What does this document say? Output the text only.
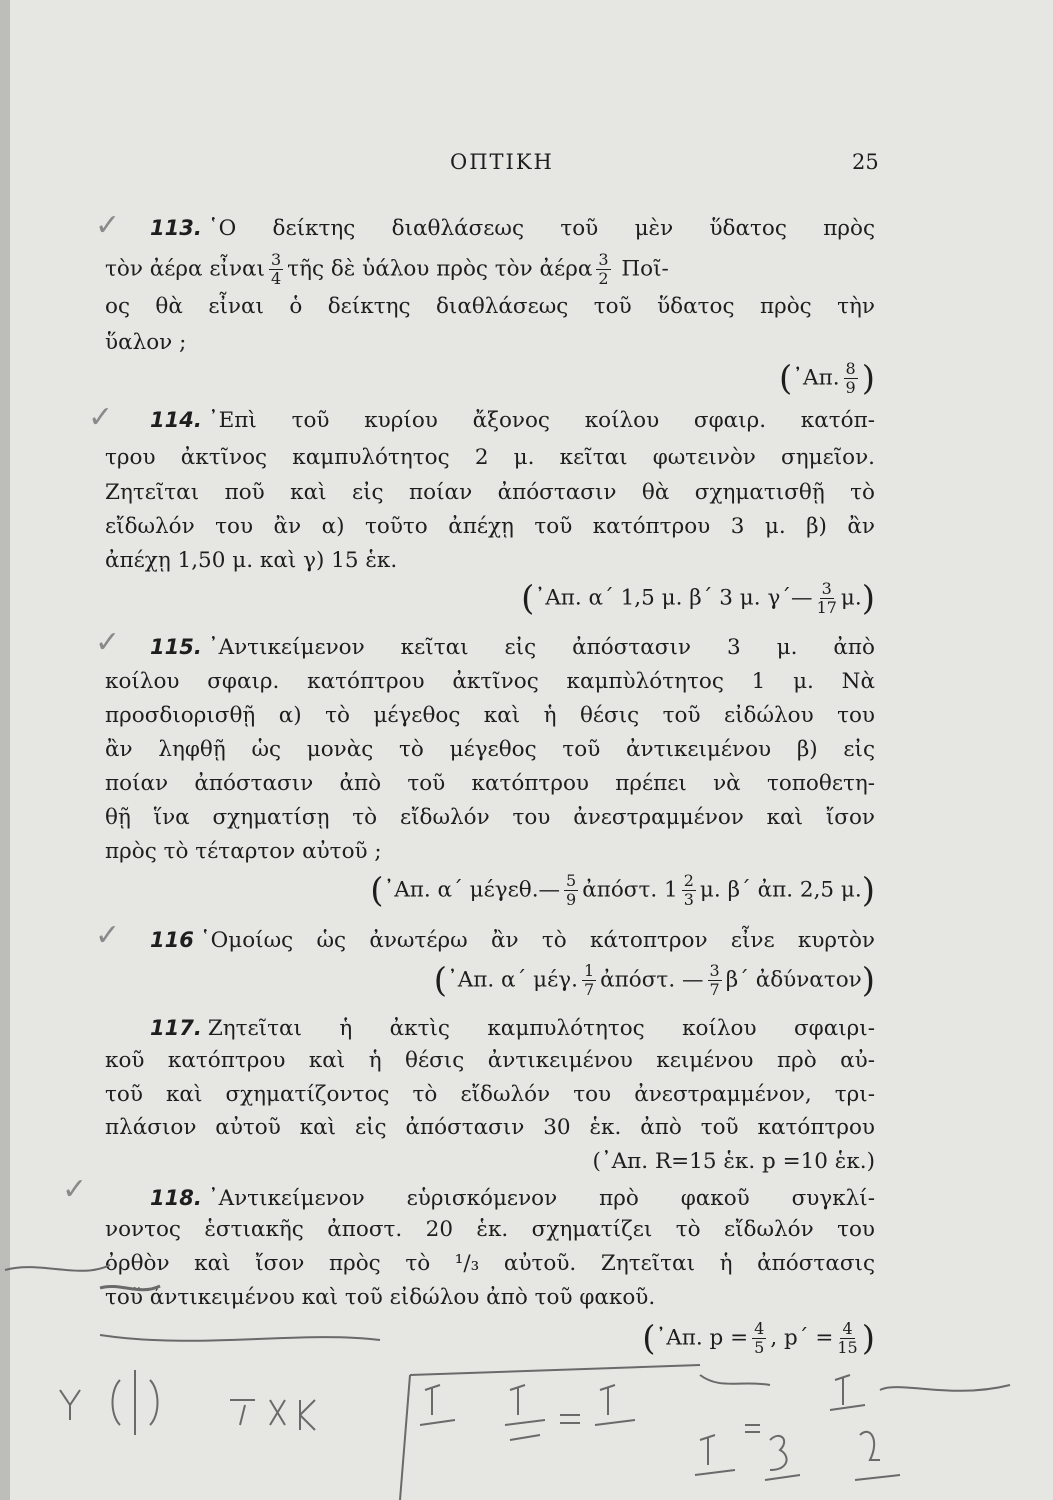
ΟΠΤΙΚΗ	25
113. ῾Ο δείκτης διαθλάσεως τοῦ μὲν ὕδατος πρὸς
τὸν ἀέρα εἶναι $\frac{3}{4}$ τῆς δὲ ὑάλου πρὸς τὸν ἀέρα $\frac{3}{2}$ Ποῖ-
ος θὰ εἶναι ὁ δείκτης διαθλάσεως τοῦ ὕδατος πρὸς τὴν
ὕαλον ;
(᾽Απ. $\frac{8}{9}$ )
114. ᾽Επὶ τοῦ κυρίου ἄξονος κοίλου σφαιρ. κατόπ-
τρου ἀκτῖνος καμπυλότητος 2 μ. κεῖται φωτεινὸν σημεῖον.
Ζητεῖται ποῦ καὶ εἰς ποίαν ἀπόστασιν θὰ σχηματισθῇ τὸ
εἴδωλόν του ἂν α) τοῦτο ἀπέχῃ τοῦ κατόπτρου 3 μ. β) ἂν
ἀπέχῃ 1,50 μ. καὶ γ) 15 ἑκ.
(᾽Απ. α΄ 1,5 μ. β΄ 3 μ. γ΄— $\frac{3}{17} \mu$.)
115. ᾽Αντικείμενον κεῖται εἰς ἀπόστασιν 3 μ. ἀπὸ
κοίλου σφαιρ. κατόπτρου ἀκτῖνος καμπὺλότητος 1 μ. Νὰ
προσδιορισθῇ α) τὸ μέγεθος καὶ ἡ θέσις τοῦ εἰδώλου του
ἂν ληφθῇ ὡς μονὰς τὸ μέγεθος τοῦ ἀντικειμένου β) εἰς
ποίαν ἀπόστασιν ἀπὸ τοῦ κατόπτρου πρέπει νὰ τοποθετη-
θῇ ἵνα σχηματίσῃ τὸ εἴδωλόν του ἀνεστραμμένον καὶ ἴσον
πρὸς τὸ τέταρτον αὐτοῦ ;
(᾽Απ. α΄ μέγεθ.— $\frac{5}{9}$ ἀπόστ. $1 \frac{2}{3} \mu$. β΄ ἀπ. 2,5 μ.)
116 ῾Ομοίως ὡς ἀνωτέρω ἂν τὸ κάτοπτρον εἶνε κυρτὸν
(᾽Απ. α΄ μέγ. $\frac{1}{7}$ ἀπόστ. — $\frac{3}{7} \beta΄$ ἀδύνατον)
117. Ζητεῖται ἡ ἀκτὶς καμπυλότητος κοίλου σφαιρι-
κοῦ κατόπτρου καὶ ἡ θέσις ἀντικειμένου κειμένου πρὸ αὐ-
τοῦ καὶ σχηματίζοντος τὸ εἴδωλόν του ἀνεστραμμένον, τρι-
πλάσιον αὐτοῦ καὶ εἰς ἀπόστασιν 30 ἑκ. ἀπὸ τοῦ κατόπτρου
(᾽Απ. R=15 ἑκ. p =10 ἑκ.)
118. ᾽Αντικείμενον εὑρισκόμενον πρὸ φακοῦ συγκλί-
νοντος ἑστιακῆς ἀποστ. 20 ἑκ. σχηματίζει τὸ εἴδωλόν του
ὀρθὸν καὶ ἴσον πρὸς τὸ ¹/₃ αὐτοῦ. Ζητεῖται ἡ ἀπόστασις
τοῦ ἀντικειμένου καὶ τοῦ εἰδώλου ἀπὸ τοῦ φακοῦ.
(᾽Απ. $p = \frac{4}{5}$ , $p΄ = \frac{4}{15}$ )
✓
✓
✓
✓
✓
